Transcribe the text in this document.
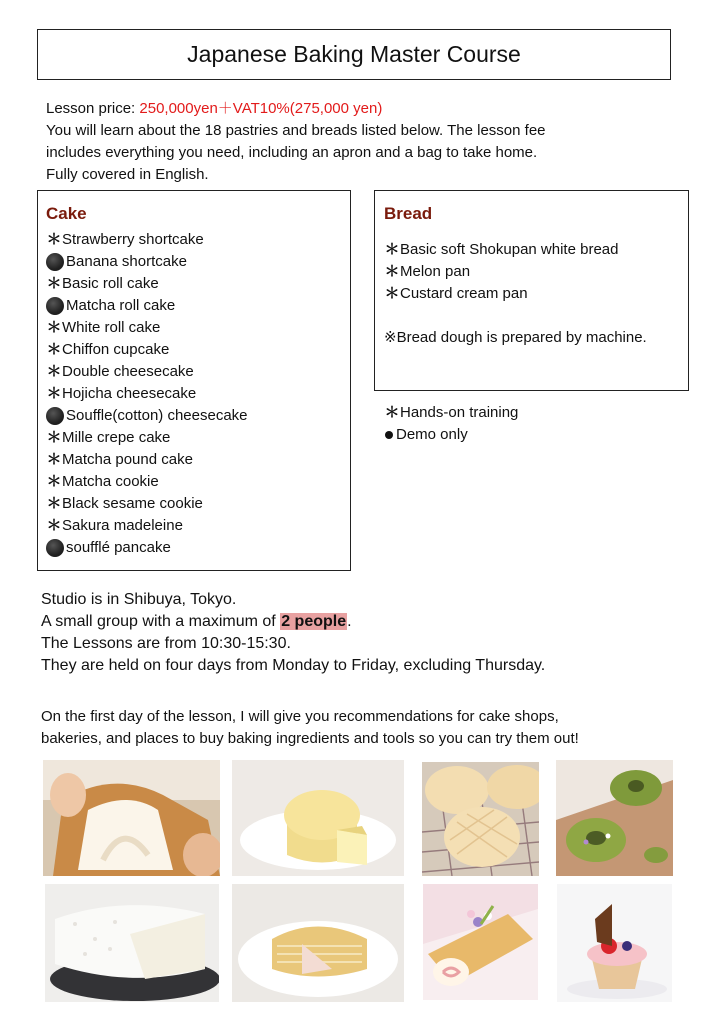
Japanese Baking Master Course
Lesson price: 250,000yen＋VAT10%(275,000 yen)
You will learn about the 18 pastries and breads listed below. The lesson fee
includes everything you need, including an apron and a bag to take home.
Fully covered in English.
Cake
＊ Strawberry shortcake
Banana shortcake
＊ Basic roll cake
Matcha roll cake
＊ White roll cake
＊ Chiffon cupcake
＊ Double cheesecake
＊ Hojicha cheesecake
Souffle(cotton) cheesecake
＊ Mille crepe cake
＊ Matcha pound cake
＊ Matcha cookie
＊ Black sesame cookie
＊ Sakura madeleine
soufflé pancake
Bread
＊ Basic soft Shokupan white bread
＊ Melon pan
＊ Custard cream pan
※Bread dough is prepared by machine.
＊ Hands-on training
Demo only
Studio is in Shibuya, Tokyo.
A small group with a maximum of 2 people.
The Lessons are from 10:30-15:30.
They are held on four days from Monday to Friday, excluding Thursday.
On the first day of the lesson, I will give you recommendations for cake shops,
bakeries, and places to buy baking ingredients and tools so you can try them out!
